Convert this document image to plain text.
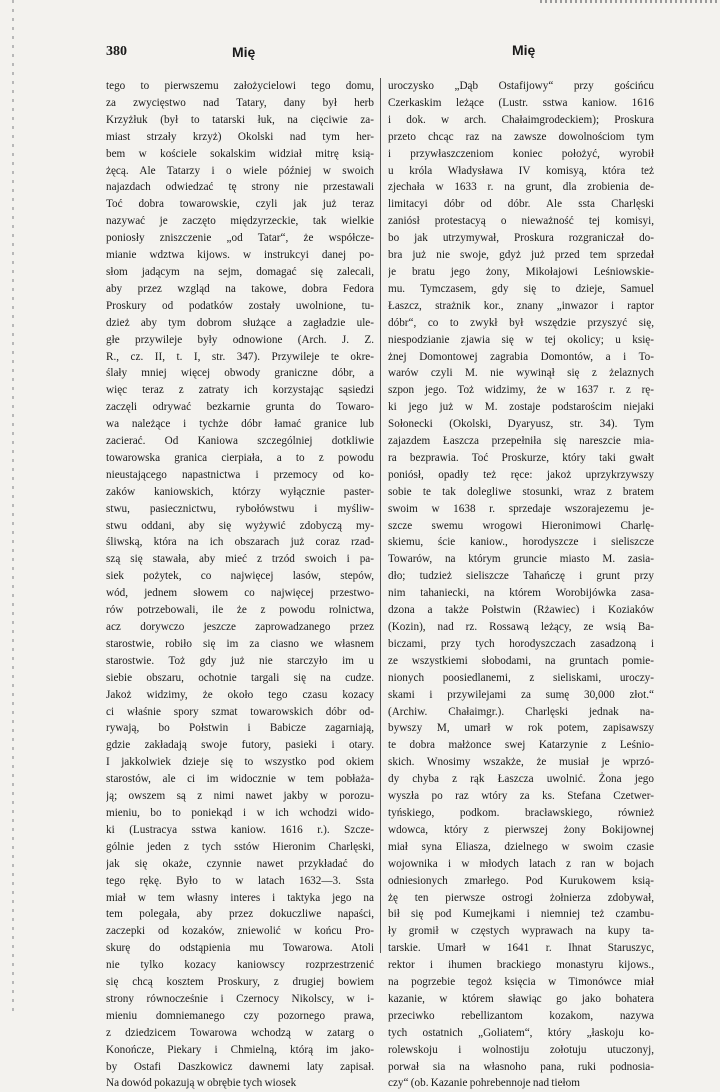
380	Mię	Mię
tego to pierwszemu założycielowi tego domu,
za zwycięstwo nad Tatary, dany był herb
Krzyżłuk (był to tatarski łuk, na cięciwie za-
miast strzały krzyż) Okolski nad tym her-
bem w kościele sokalskim widział mitrę ksią-
żęcą. Ale Tatarzy i o wiele później w swoich
najazdach odwiedzać tę strony nie przestawali
Toć dobra towarowskie, czyli jak już teraz
nazywać je zaczęto międzyrzeckie, tak wielkie
poniosły zniszczenie „od Tatar“, że współcze-
mianie wdztwa kijows. w instrukcyi danej po-
słom jadącym na sejm, domagać się zalecali,
aby przez wzgląd na takowe, dobra Fedora
Proskury od podatków zostały uwolnione, tu-
dzież aby tym dobrom służące a zagładzie ule-
głe przywileje były odnowione (Arch. J. Z.
R., cz. II, t. I, str. 347). Przywileje te okre-
ślały mniej więcej obwody graniczne dóbr, a
więc teraz z zatraty ich korzystając sąsiedzi
zaczęli odrywać bezkarnie grunta do Towaro-
wa należące i tychże dóbr łamać granice lub
zacierać. Od Kaniowa szczególniej dotkliwie
towarowska granica cierpiała, a to z powodu
nieustającego napastnictwa i przemocy od ko-
zaków kaniowskich, którzy wyłącznie paster-
stwu, pasiecznictwu, rybołówstwu i myśliw-
stwu oddani, aby się wyżywić zdobyczą my-
śliwską, która na ich obszarach już coraz rzad-
szą się stawała, aby mieć z trzód swoich i pa-
siek pożytek, co najwięcej lasów, stepów,
wód, jednem słowem co najwięcej przestwo-
rów potrzebowali, ile że z powodu rolnictwa,
acz dorywczo jeszcze zaprowadzanego przez
starostwie, robiło się im za ciasno we własnem
starostwie. Toż gdy już nie starczyło im u
siebie obszaru, ochotnie targali się na cudze.
Jakoż widzimy, że około tego czasu kozacy
ci właśnie spory szmat towarowskich dóbr od-
rywają, bo Połstwin i Babicze zagarniają,
gdzie zakładają swoje futory, pasieki i otary.
I jakkolwiek dzieje się to wszystko pod okiem
starostów, ale ci im widocznie w tem pobłaża-
ją; owszem są z nimi nawet jakby w porozu-
mieniu, bo to poniekąd i w ich wchodzi wido-
ki (Lustracya sstwa kaniow. 1616 r.). Szcze-
gólnie jeden z tych sstów Hieronim Charlęski,
jak się okaże, czynnie nawet przykładać do
tego rękę. Było to w latach 1632—3. Ssta
miał w tem własny interes i taktyka jego na
tem polegała, aby przez dokuczliwe napaści,
zaczepki od kozaków, zniewolić w końcu Pro-
skurę do odstąpienia mu Towarowa. Atoli
nie tylko kozacy kaniowscy rozprzestrzenić
się chcą kosztem Proskury, z drugiej bowiem
strony równocześnie i Czernocy Nikolscy, w i-
mieniu domniemanego czy pozornego prawa,
z dziedzicem Towarowa wchodzą w zatarg o
Konończe, Piekary i Chmielną, którą im jako-
by Ostafi Daszkowicz dawnemi laty zapisał.
Na dowód pokazują w obrębie tych wiosek
uroczysko „Dąb Ostafijowy“ przy gościńcu
Czerkaskim leżące (Lustr. sstwa kaniow. 1616
i dok. w arch. Chałaimgrodeckiem); Proskura
przeto chcąc raz na zawsze dowolnościom tym
i przywłaszczeniom koniec położyć, wyrobił
u króla Władysława IV komisyą, która też
zjechała w 1633 r. na grunt, dla zrobienia de-
limitacyi dóbr od dóbr. Ale ssta Charlęski
zaniósł protestacyą o nieważność tej komisyi,
bo jak utrzymywał, Proskura rozgraniczał do-
bra już nie swoje, gdyż już przed tem sprzedał
je bratu jego żony, Mikołajowi Leśniowskie-
mu. Tymczasem, gdy się to dzieje, Samuel
Łaszcz, strażnik kor., znany „inwazor i raptor
dóbr“, co to zwykł był wszędzie przyszyć się,
niespodzianie zjawia się w tej okolicy; u księ-
żnej Domontowej zagrabia Domontów, a i To-
warów czyli M. nie wywinął się z żelaznych
szpon jego. Toż widzimy, że w 1637 r. z rę-
ki jego już w M. zostaje podstarościm niejaki
Sołonecki (Okolski, Dyaryusz, str. 34). Tym
zajazdem Łaszcza przepełniła się nareszcie mia-
ra bezprawia. Toć Proskurze, który taki gwałt
poniósł, opadły też ręce: jakoż uprzykrzywszy
sobie te tak dolegliwe stosunki, wraz z bratem
swoim w 1638 r. sprzedaje wszorajezemu je-
szcze swemu wrogowi Hieronimowi Charlę-
skiemu, ście kaniow., horodyszcze i sieliszcze
Towarów, na którym gruncie miasto M. zasia-
dło; tudzież sieliszcze Tahańczę i grunt przy
nim tahaniecki, na którem Worobijówka zasa-
dzona a także Połstwin (Rżawiec) i Koziaków
(Kozin), nad rz. Rossawą leżący, ze wsią Ba-
biczami, przy tych horodyszczach zasadzoną i
ze wszystkiemi słobodami, na gruntach pomie-
nionych poosiedlanemi, z sieliskami, uroczy-
skami i przywilejami za sumę 30,000 złot.“
(Archiw. Chałaimgr.). Charlęski jednak na-
bywszy M, umarł w rok potem, zapisawszy
te dobra małżonce swej Katarzynie z Leśnio-
skich. Wnosimy wszakże, że musiał je wprzó-
dy chyba z rąk Łaszcza uwolnić. Żona jego
wyszła po raz wtóry za ks. Stefana Czetwer-
tyńskiego, podkom. bracławskiego, również
wdowca, który z pierwszej żony Bokijownej
miał syna Eliasza, dzielnego w swoim czasie
wojownika i w młodych latach z ran w bojach
odniesionych zmarłego. Pod Kurukowem ksią-
żę ten pierwsze ostrogi żołnierza zdobywał,
bił się pod Kumejkami i niemniej też czambu-
ły gromił w częstych wyprawach na kupy ta-
tarskie. Umarł w 1641 r. Ihnat Staruszyc,
rektor i ihumen brackiego monastyru kijows.,
na pogrzebie tegoż księcia w Timonówce miał
kazanie, w którem sławiąc go jako bohatera
przeciwko rebellizantom kozakom, nazywa
tych ostatnich „Goliatem“, który „łaskoju ko-
rolewskoju i wolnostiju zołotuju utuczonyj,
porwał sia na własnoho pana, ruki podnosia-
czy“ (ob. Kazanie pohrebennoje nad tiełom
